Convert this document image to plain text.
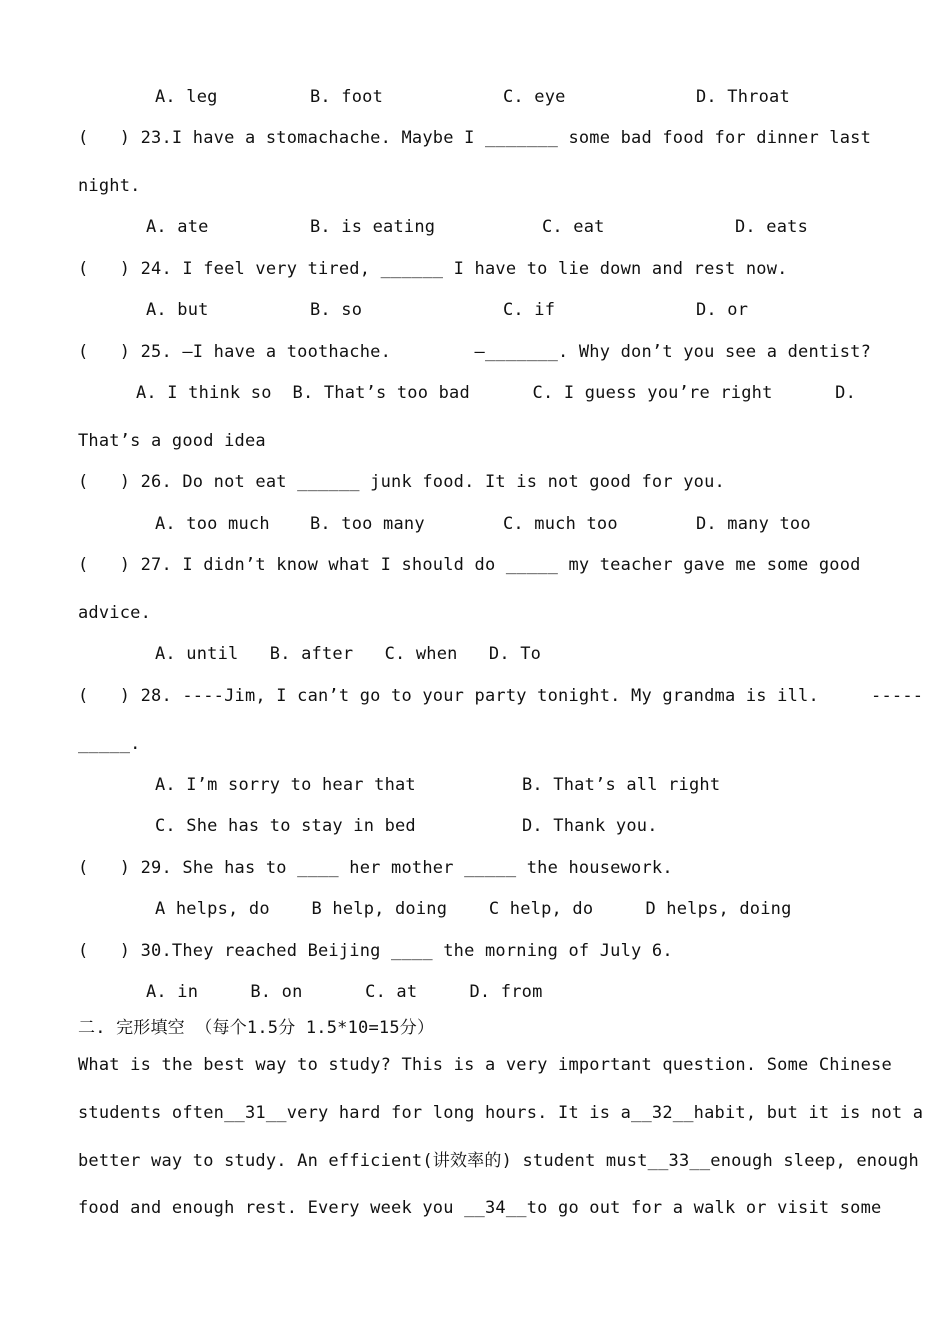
A. leg	B. foot	C. eye	D. Throat
(   ) 23.I have a stomachache. Maybe I _______ some bad food for dinner last
night.
A. ate	B. is eating	C. eat	D. eats
(   ) 24. I feel very tired, ______ I have to lie down and rest now.
A. but	B. so	C. if	D. or
(   ) 25. —I have a toothache.        —_______. Why don’t you see a dentist?
A. I think so  B. That’s too bad      C. I guess you’re right      D.
That’s a good idea
(   ) 26. Do not eat ______ junk food. It is not good for you.
A. too much B. too many	C. much too	D. many too
(   ) 27. I didn’t know what I should do _____ my teacher gave me some good
advice.
A. until   B. after   C. when   D. To
(   ) 28. ----Jim, I can’t go to your party tonight. My grandma is ill.     -----
_____.
A. I’m sorry to hear that	B. That’s all right
C. She has to stay in bed	D. Thank you.
(   ) 29. She has to ____ her mother _____ the housework.
A helps, do    B help, doing    C help, do     D helps, doing
(   ) 30.They reached Beijing ____ the morning of July 6.
A. in     B. on      C. at     D. from
二. 完形填空 （每个1.5分 1.5*10=15分）
What is the best way to study? This is a very important question. Some Chinese
students often__31__very hard for long hours. It is a__32__habit, but it is not a
better way to study. An efficient(讲效率的) student must__33__enough sleep, enough
food and enough rest. Every week you __34__to go out for a walk or visit some
